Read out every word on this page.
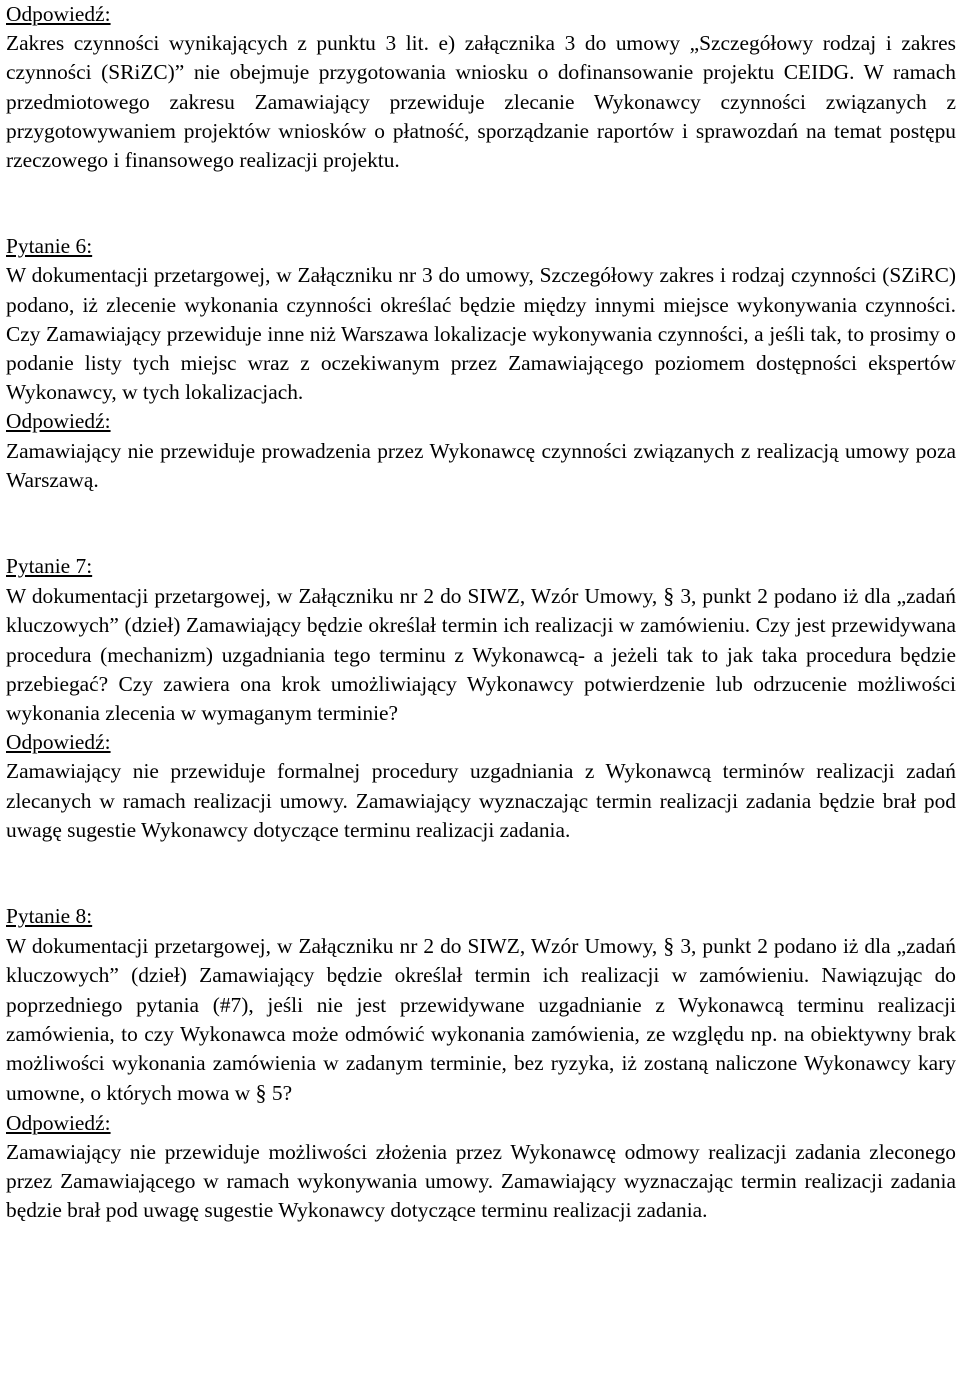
Odpowiedź:

Zakres czynności wynikających z punktu 3 lit. e) załącznika 3 do umowy „Szczegółowy rodzaj i zakres czynności (SRiZC)” nie obejmuje przygotowania wniosku o dofinansowanie projektu CEIDG. W ramach przedmiotowego zakresu Zamawiający przewiduje zlecanie Wykonawcy czynności związanych z przygotowywaniem projektów wniosków o płatność, sporządzanie raportów i sprawozdań na temat postępu rzeczowego i finansowego realizacji projektu.

Pytanie 6:

W dokumentacji przetargowej, w Załączniku nr 3 do umowy, Szczegółowy zakres i rodzaj czynności (SZiRC) podano, iż zlecenie wykonania czynności określać będzie między innymi miejsce wykonywania czynności. Czy Zamawiający przewiduje inne niż Warszawa lokalizacje wykonywania czynności, a jeśli tak, to prosimy o podanie listy tych miejsc wraz z oczekiwanym przez Zamawiającego poziomem dostępności ekspertów Wykonawcy, w tych lokalizacjach.

Odpowiedź:

Zamawiający nie przewiduje prowadzenia przez Wykonawcę czynności związanych z realizacją umowy poza Warszawą.

Pytanie 7:

W dokumentacji przetargowej, w Załączniku nr 2 do SIWZ, Wzór Umowy, § 3, punkt 2 podano iż dla „zadań kluczowych” (dzieł) Zamawiający będzie określał termin ich realizacji w zamówieniu. Czy jest przewidywana procedura (mechanizm) uzgadniania tego terminu z Wykonawcą- a jeżeli tak to jak taka procedura będzie przebiegać? Czy zawiera ona krok umożliwiający Wykonawcy potwierdzenie lub odrzucenie możliwości wykonania zlecenia w wymaganym terminie?

Odpowiedź:

Zamawiający nie przewiduje formalnej procedury uzgadniania z Wykonawcą terminów realizacji zadań zlecanych w ramach realizacji umowy. Zamawiający wyznaczając termin realizacji zadania będzie brał pod uwagę sugestie Wykonawcy dotyczące terminu realizacji zadania.

Pytanie 8:

W dokumentacji przetargowej, w Załączniku nr 2 do SIWZ, Wzór Umowy, § 3, punkt 2 podano iż dla „zadań kluczowych” (dzieł) Zamawiający będzie określał termin ich realizacji w zamówieniu. Nawiązując do poprzedniego pytania (#7), jeśli nie jest przewidywane uzgadnianie z Wykonawcą terminu realizacji zamówienia, to czy Wykonawca może odmówić wykonania zamówienia, ze względu np. na obiektywny brak możliwości wykonania zamówienia w zadanym terminie, bez ryzyka, iż zostaną naliczone Wykonawcy kary umowne, o których mowa w § 5?

Odpowiedź:

Zamawiający nie przewiduje możliwości złożenia przez Wykonawcę odmowy realizacji zadania zleconego przez Zamawiającego w ramach wykonywania umowy. Zamawiający wyznaczając termin realizacji zadania będzie brał pod uwagę sugestie Wykonawcy dotyczące terminu realizacji zadania.
